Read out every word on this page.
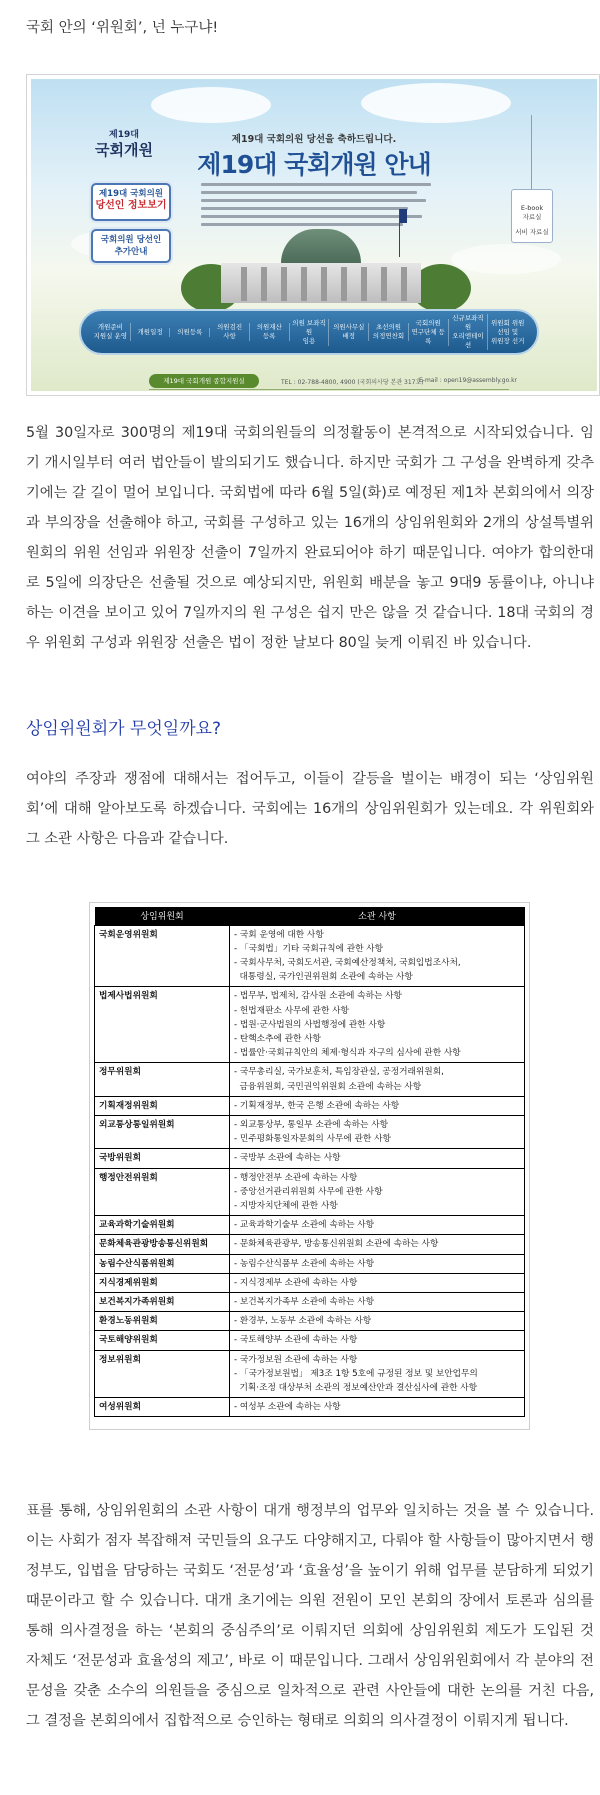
국회 안의 ‘위원회’, 넌 누구냐!
제19대
국회개원
제19대 국회의원 당선을 축하드립니다.
제19대 국회개원 안내
제19대 국회의원
당선인 정보보기
국회의원 당선인
추가안내
E-book
자료실
서비 자료실
개원준비
지원실 운영
개원일정	의원등록
의원검진
사항
의원재산
등록
의원 보좌직원
임용
의원사무실
배정
초선의원
의정연찬회
국회의원
연구단체 등록
신규보좌직원
오리엔테이션
위원회 위원
선임 및
위원장 선거
제19대 국회개원 종합지원실	TEL : 02-788-4800, 4900 (국회의사당 본관 317호)
E-mail : open19@assembly.go.kr
5월 30일자로 300명의 제19대 국회의원들의 의정활동이 본격적으로 시작되었습니다. 임기 개시일부터 여러 법안들이 발의되기도 했습니다. 하지만 국회가 그 구성을 완벽하게 갖추기에는 갈 길이 멀어 보입니다. 국회법에 따라 6월 5일(화)로 예정된 제1차 본회의에서 의장과 부의장을 선출해야 하고, 국회를 구성하고 있는 16개의 상임위원회와 2개의 상설특별위원회의 위원 선임과 위원장 선출이 7일까지 완료되어야 하기 때문입니다. 여야가 합의한대로 5일에 의장단은 선출될 것으로 예상되지만, 위원회 배분을 놓고 9대9 동률이냐, 아니냐 하는 이견을 보이고 있어 7일까지의 원 구성은 쉽지 만은 않을 것 같습니다. 18대 국회의 경우 위원회 구성과 위원장 선출은 법이 정한 날보다 80일 늦게 이뤄진 바 있습니다.
상임위원회가 무엇일까요?
여야의 주장과 쟁점에 대해서는 접어두고, 이들이 갈등을 벌이는 배경이 되는 ‘상임위원회’에 대해 알아보도록 하겠습니다. 국회에는 16개의 상임위원회가 있는데요. 각 위원회와 그 소관 사항은 다음과 같습니다.
상임위원회	소관 사항
국회운영위원회	- 국회 운영에 대한 사항
- 「국회법」기타 국회규칙에 관한 사항
- 국회사무처, 국회도서관, 국회예산정책처, 국회입법조사처,
대통령실, 국가인권위원회 소관에 속하는 사항

법제사법위원회	- 법무부, 법제처, 감사원 소관에 속하는 사항
- 헌법재판소 사무에 관한 사항
- 법원·군사법원의 사법행정에 관한 사항
- 탄핵소추에 관한 사항
- 법률안·국회규칙안의 체제·형식과 자구의 심사에 관한 사항

정무위원회	- 국무총리실, 국가보훈처, 특임장관실, 공정거래위원회,
금융위원회, 국민권익위원회 소관에 속하는 사항

기획재정위원회	- 기획재정부, 한국 은행 소관에 속하는 사항

외교통상통일위원회	- 외교통상부, 통일부 소관에 속하는 사항
- 민주평화통일자문회의 사무에 관한 사항

국방위원회	- 국방부 소관에 속하는 사항

행정안전위원회	- 행정안전부 소관에 속하는 사항
- 중앙선거관리위원회 사무에 관한 사항
- 지방자치단체에 관한 사항

교육과학기술위원회	- 교육과학기술부 소관에 속하는 사항

문화체육관광방송통신위원회	- 문화체육관광부, 방송통신위원회 소관에 속하는 사항

농림수산식품위원회	- 농림수산식품부 소관에 속하는 사항

지식경제위원회	- 지식경제부 소관에 속하는 사항

보건복지가족위원회	- 보건복지가족부 소관에 속하는 사항

환경노동위원회	- 환경부, 노동부 소관에 속하는 사항

국토해양위원회	- 국토해양부 소관에 속하는 사항

정보위원회	- 국가정보원 소관에 속하는 사항
- 「국가정보원법」 제3조 1항 5호에 규정된 정보 및 보안업무의
기획·조정 대상부처 소관의 정보예산안과 결산심사에 관한 사항

여성위원회	- 여성부 소관에 속하는 사항
표를 통해, 상임위원회의 소관 사항이 대개 행정부의 업무와 일치하는 것을 볼 수 있습니다. 이는 사회가 점자 복잡해져 국민들의 요구도 다양해지고, 다뤄야 할 사항들이 많아지면서 행정부도, 입법을 담당하는 국회도 ‘전문성’과 ‘효율성’을 높이기 위해 업무를 분담하게 되었기 때문이라고 할 수 있습니다. 대개 초기에는 의원 전원이 모인 본회의 장에서 토론과 심의를 통해 의사결정을 하는 ‘본회의 중심주의’로 이뤄지던 의회에 상임위원회 제도가 도입된 것 자체도 ‘전문성과 효율성의 제고’, 바로 이 때문입니다. 그래서 상임위원회에서 각 분야의 전문성을 갖춘 소수의 의원들을 중심으로 일차적으로 관련 사안들에 대한 논의를 거친 다음, 그 결정을 본회의에서 집합적으로 승인하는 형태로 의회의 의사결정이 이뤄지게 됩니다.
